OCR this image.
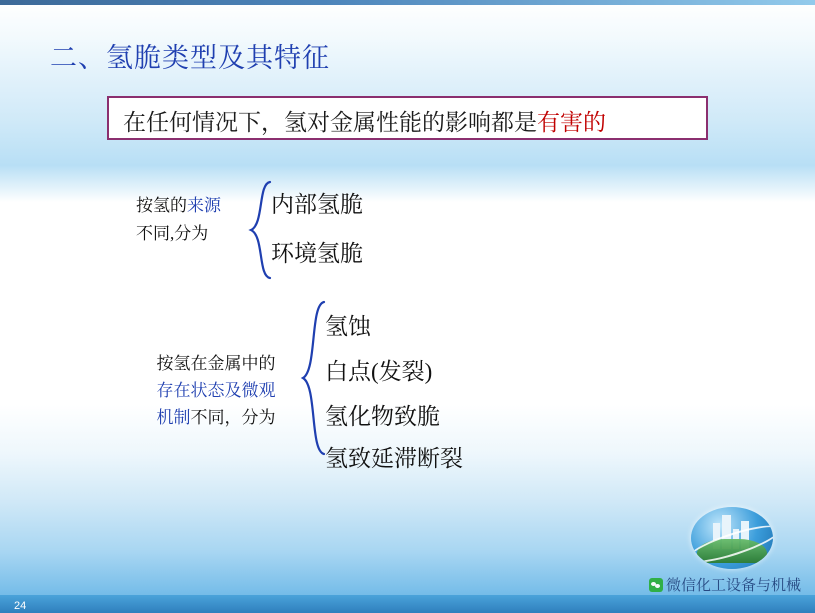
二、氢脆类型及其特征
在任何情况下，氢对金属性能的影响都是有害的
按氢的来源
不同,分为
内部氢脆
环境氢脆
按氢在金属中的
存在状态及微观
机制不同，分为
氢蚀
白点(发裂)
氢化物致脆
氢致延滞断裂
微信化工设备与机械
24
